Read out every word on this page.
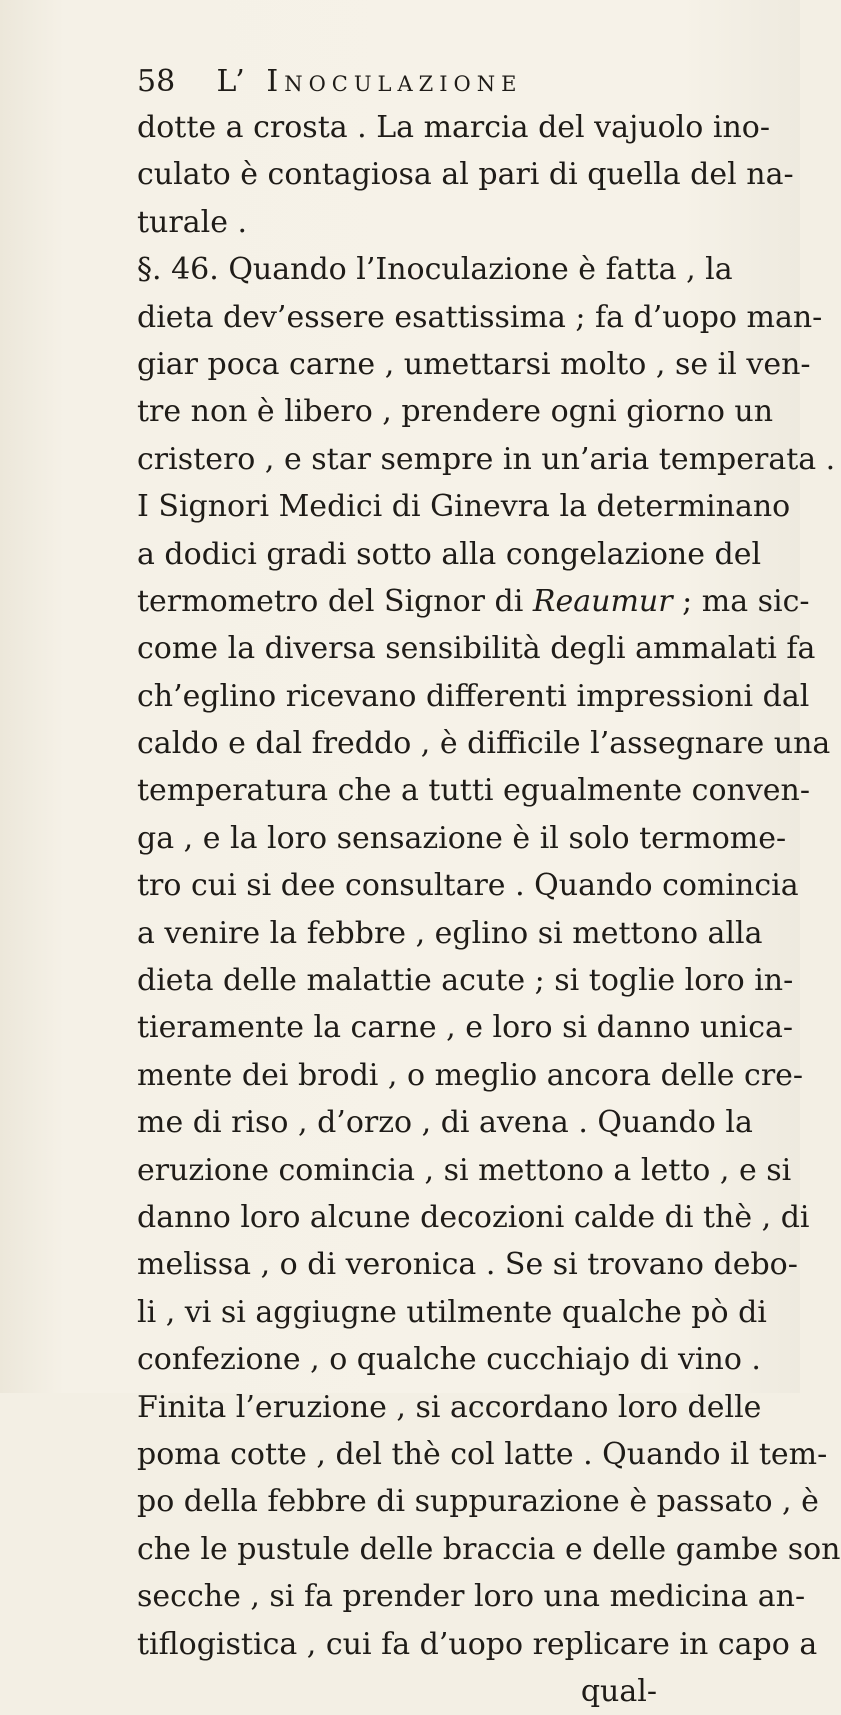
58 L’ Inoculazione
dotte a crosta . La marcia del vajuolo ino-
culato è contagiosa al pari di quella del na-
turale .
§. 46. Quando l’Inoculazione è fatta , la
dieta dev’essere esattissima ; fa d’uopo man-
giar poca carne , umettarsi molto , se il ven-
tre non è libero , prendere ogni giorno un
cristero , e star sempre in un’aria temperata .
I Signori Medici di Ginevra la determinano
a dodici gradi sotto alla congelazione del
termometro del Signor di Reaumur ; ma sic-
come la diversa sensibilità degli ammalati fa
ch’eglino ricevano differenti impressioni dal
caldo e dal freddo , è difficile l’assegnare una
temperatura che a tutti egualmente conven-
ga , e la loro sensazione è il solo termome-
tro cui si dee consultare . Quando comincia
a venire la febbre , eglino si mettono alla
dieta delle malattie acute ; si toglie loro in-
tieramente la carne , e loro si danno unica-
mente dei brodi , o meglio ancora delle cre-
me di riso , d’orzo , di avena . Quando la
eruzione comincia , si mettono a letto , e si
danno loro alcune decozioni calde di thè , di
melissa , o di veronica . Se si trovano debo-
li , vi si aggiugne utilmente qualche pò di
confezione , o qualche cucchiajo di vino .
Finita l’eruzione , si accordano loro delle
poma cotte , del thè col latte . Quando il tem-
po della febbre di suppurazione è passato , è
che le pustule delle braccia e delle gambe son
secche , si fa prender loro una medicina an-
tiflogistica , cui fa d’uopo replicare in capo a
qual-
